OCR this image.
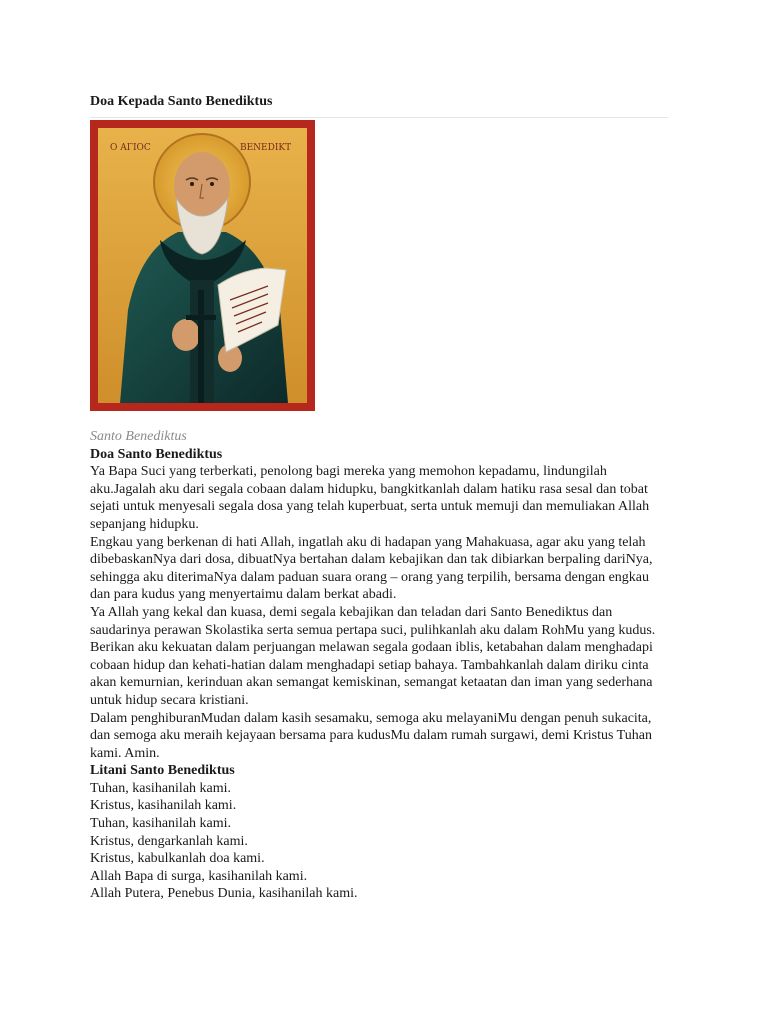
Doa Kepada Santo Benediktus
O AΓIOC	BENEDIKT
Santo Benediktus
Doa Santo Benediktus
Ya Bapa Suci yang terberkati, penolong bagi mereka yang memohon kepadamu, lindungilah aku.Jagalah aku dari segala cobaan dalam hidupku, bangkitkanlah dalam hatiku rasa sesal dan tobat sejati untuk menyesali segala dosa yang telah kuperbuat, serta untuk memuji dan memuliakan Allah sepanjang hidupku.
Engkau yang berkenan di hati Allah, ingatlah aku di hadapan yang Mahakuasa, agar aku yang telah dibebaskanNya dari dosa, dibuatNya bertahan dalam kebajikan dan tak dibiarkan berpaling dariNya, sehingga aku diterimaNya dalam paduan suara orang – orang yang terpilih, bersama dengan engkau dan para kudus yang menyertaimu dalam berkat abadi.
Ya Allah yang kekal dan kuasa, demi segala kebajikan dan teladan dari Santo Benediktus dan saudarinya perawan Skolastika serta semua pertapa suci, pulihkanlah aku dalam RohMu yang kudus. Berikan aku kekuatan dalam perjuangan melawan segala godaan iblis, ketabahan dalam menghadapi cobaan hidup dan kehati-hatian dalam menghadapi setiap bahaya. Tambahkanlah dalam diriku cinta akan kemurnian, kerinduan akan semangat kemiskinan, semangat ketaatan dan iman yang sederhana untuk hidup secara kristiani.
Dalam penghiburanMudan dalam kasih sesamaku, semoga aku melayaniMu dengan penuh sukacita, dan semoga aku meraih kejayaan bersama para kudusMu dalam rumah surgawi, demi Kristus Tuhan kami. Amin.
Litani Santo Benediktus
Tuhan, kasihanilah kami.
Kristus, kasihanilah kami.
Tuhan, kasihanilah kami.
Kristus, dengarkanlah kami.
Kristus, kabulkanlah doa kami.
Allah Bapa di surga, kasihanilah kami.
Allah Putera, Penebus Dunia, kasihanilah kami.
